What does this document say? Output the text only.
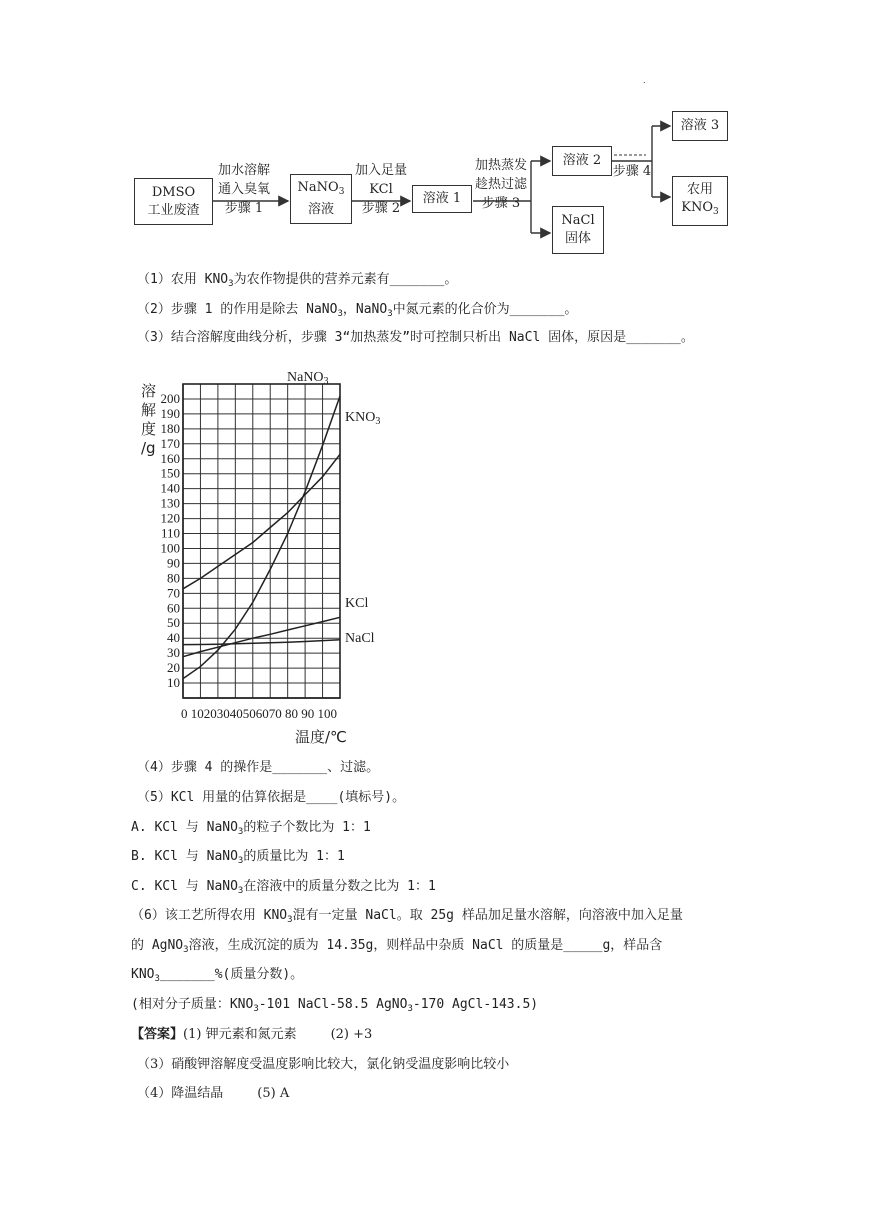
.
DMSO
工业废渣
加水溶解
通入臭氧
步骤 1
NaNO$_3$
溶液
加入足量
KCl
步骤 2
溶液 1
加热蒸发
趁热过滤
步骤 3
溶液 2
NaCl
固体
步骤 4
溶液 3
农用
$KNO_3$
（1）农用 $KNO_3$为农作物提供的营养元素有_______。
（2）步骤 1 的作用是除去 NaNO$_3$，NaNO$_3$中氮元素的化合价为_______。
（3）结合溶解度曲线分析，步骤 3“加热蒸发”时可控制只析出 NaCl 固体，原因是_______。
10
20
30
40
50
60
70
80
90
100
110
120
130
140
150
160
170
180
190
200
0 10203040506070 80 90 100
温度/℃
溶
解
度
/g
NaNO$_3$
$KNO_3$
KCl
NaCl
（4）步骤 4 的操作是_______、过滤。
（5）KCl 用量的估算依据是____(填标号)。
A. KCl 与 NaNO$_3$的粒子个数比为 1：1
B. KCl 与 NaNO$_3$的质量比为 1：1
C. KCl 与 NaNO$_3$在溶液中的质量分数之比为 1：1
（6）该工艺所得农用 $KNO_3$混有一定量 NaCl。取 25g 样品加足量水溶解，向溶液中加入足量
的 AgNO$_3$溶液，生成沉淀的质为 14.35g，则样品中杂质 NaCl 的质量是_____g，样品含
$KNO_3\_\_\_\_\_\_\_\%$(质量分数)。
(相对分子质量：$KNO_3-101$ NaCl-58.5 AgNO$_3$-170 AgCl-143.5)
【答案】(1) 钾元素和氮元素	(2) +3
（3）硝酸钾溶解度受温度影响比较大，氯化钠受温度影响比较小
（4）降温结晶	(5) A
